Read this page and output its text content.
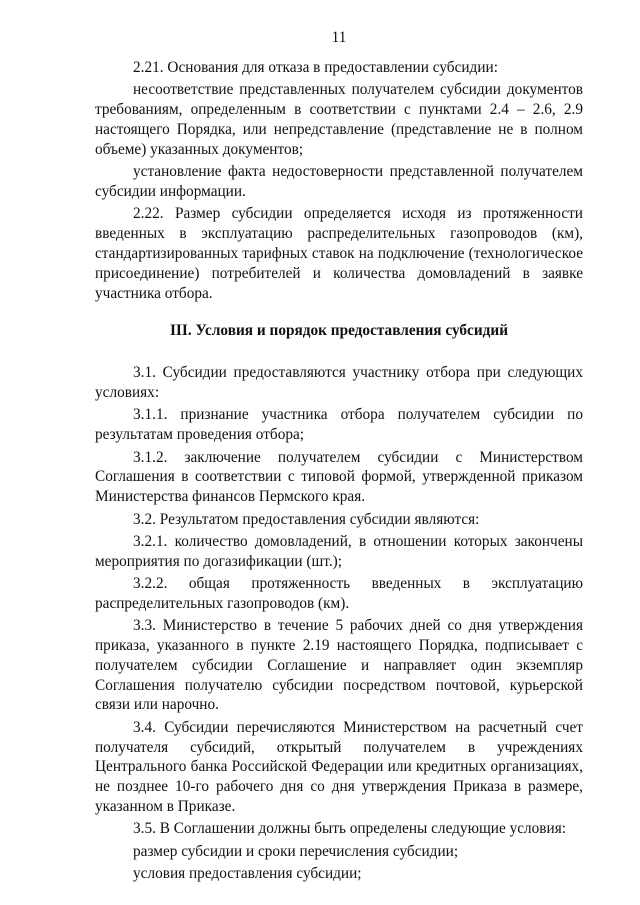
11

2.21. Основания для отказа в предоставлении субсидии:

несоответствие представленных получателем субсидии документов требованиям, определенным в соответствии с пунктами 2.4 – 2.6, 2.9 настоящего Порядка, или непредставление (представление не в полном объеме) указанных документов;

установление факта недостоверности представленной получателем субсидии информации.

2.22. Размер субсидии определяется исходя из протяженности введенных в эксплуатацию распределительных газопроводов (км), стандартизированных тарифных ставок на подключение (технологическое присоединение) потребителей и количества домовладений в заявке участника отбора.

III. Условия и порядок предоставления субсидий

3.1. Субсидии предоставляются участнику отбора при следующих условиях:

3.1.1. признание участника отбора получателем субсидии по результатам проведения отбора;

3.1.2. заключение получателем субсидии с Министерством Соглашения в соответствии с типовой формой, утвержденной приказом Министерства финансов Пермского края.

3.2. Результатом предоставления субсидии являются:

3.2.1. количество домовладений, в отношении которых закончены мероприятия по догазификации (шт.);

3.2.2. общая протяженность введенных в эксплуатацию распределительных газопроводов (км).

3.3. Министерство в течение 5 рабочих дней со дня утверждения приказа, указанного в пункте 2.19 настоящего Порядка, подписывает с получателем субсидии Соглашение и направляет один экземпляр Соглашения получателю субсидии посредством почтовой, курьерской связи или нарочно.

3.4. Субсидии перечисляются Министерством на расчетный счет получателя субсидий, открытый получателем в учреждениях Центрального банка Российской Федерации или кредитных организациях, не позднее 10-го рабочего дня со дня утверждения Приказа в размере, указанном в Приказе.

3.5. В Соглашении должны быть определены следующие условия:

размер субсидии и сроки перечисления субсидии;

условия предоставления субсидии;
